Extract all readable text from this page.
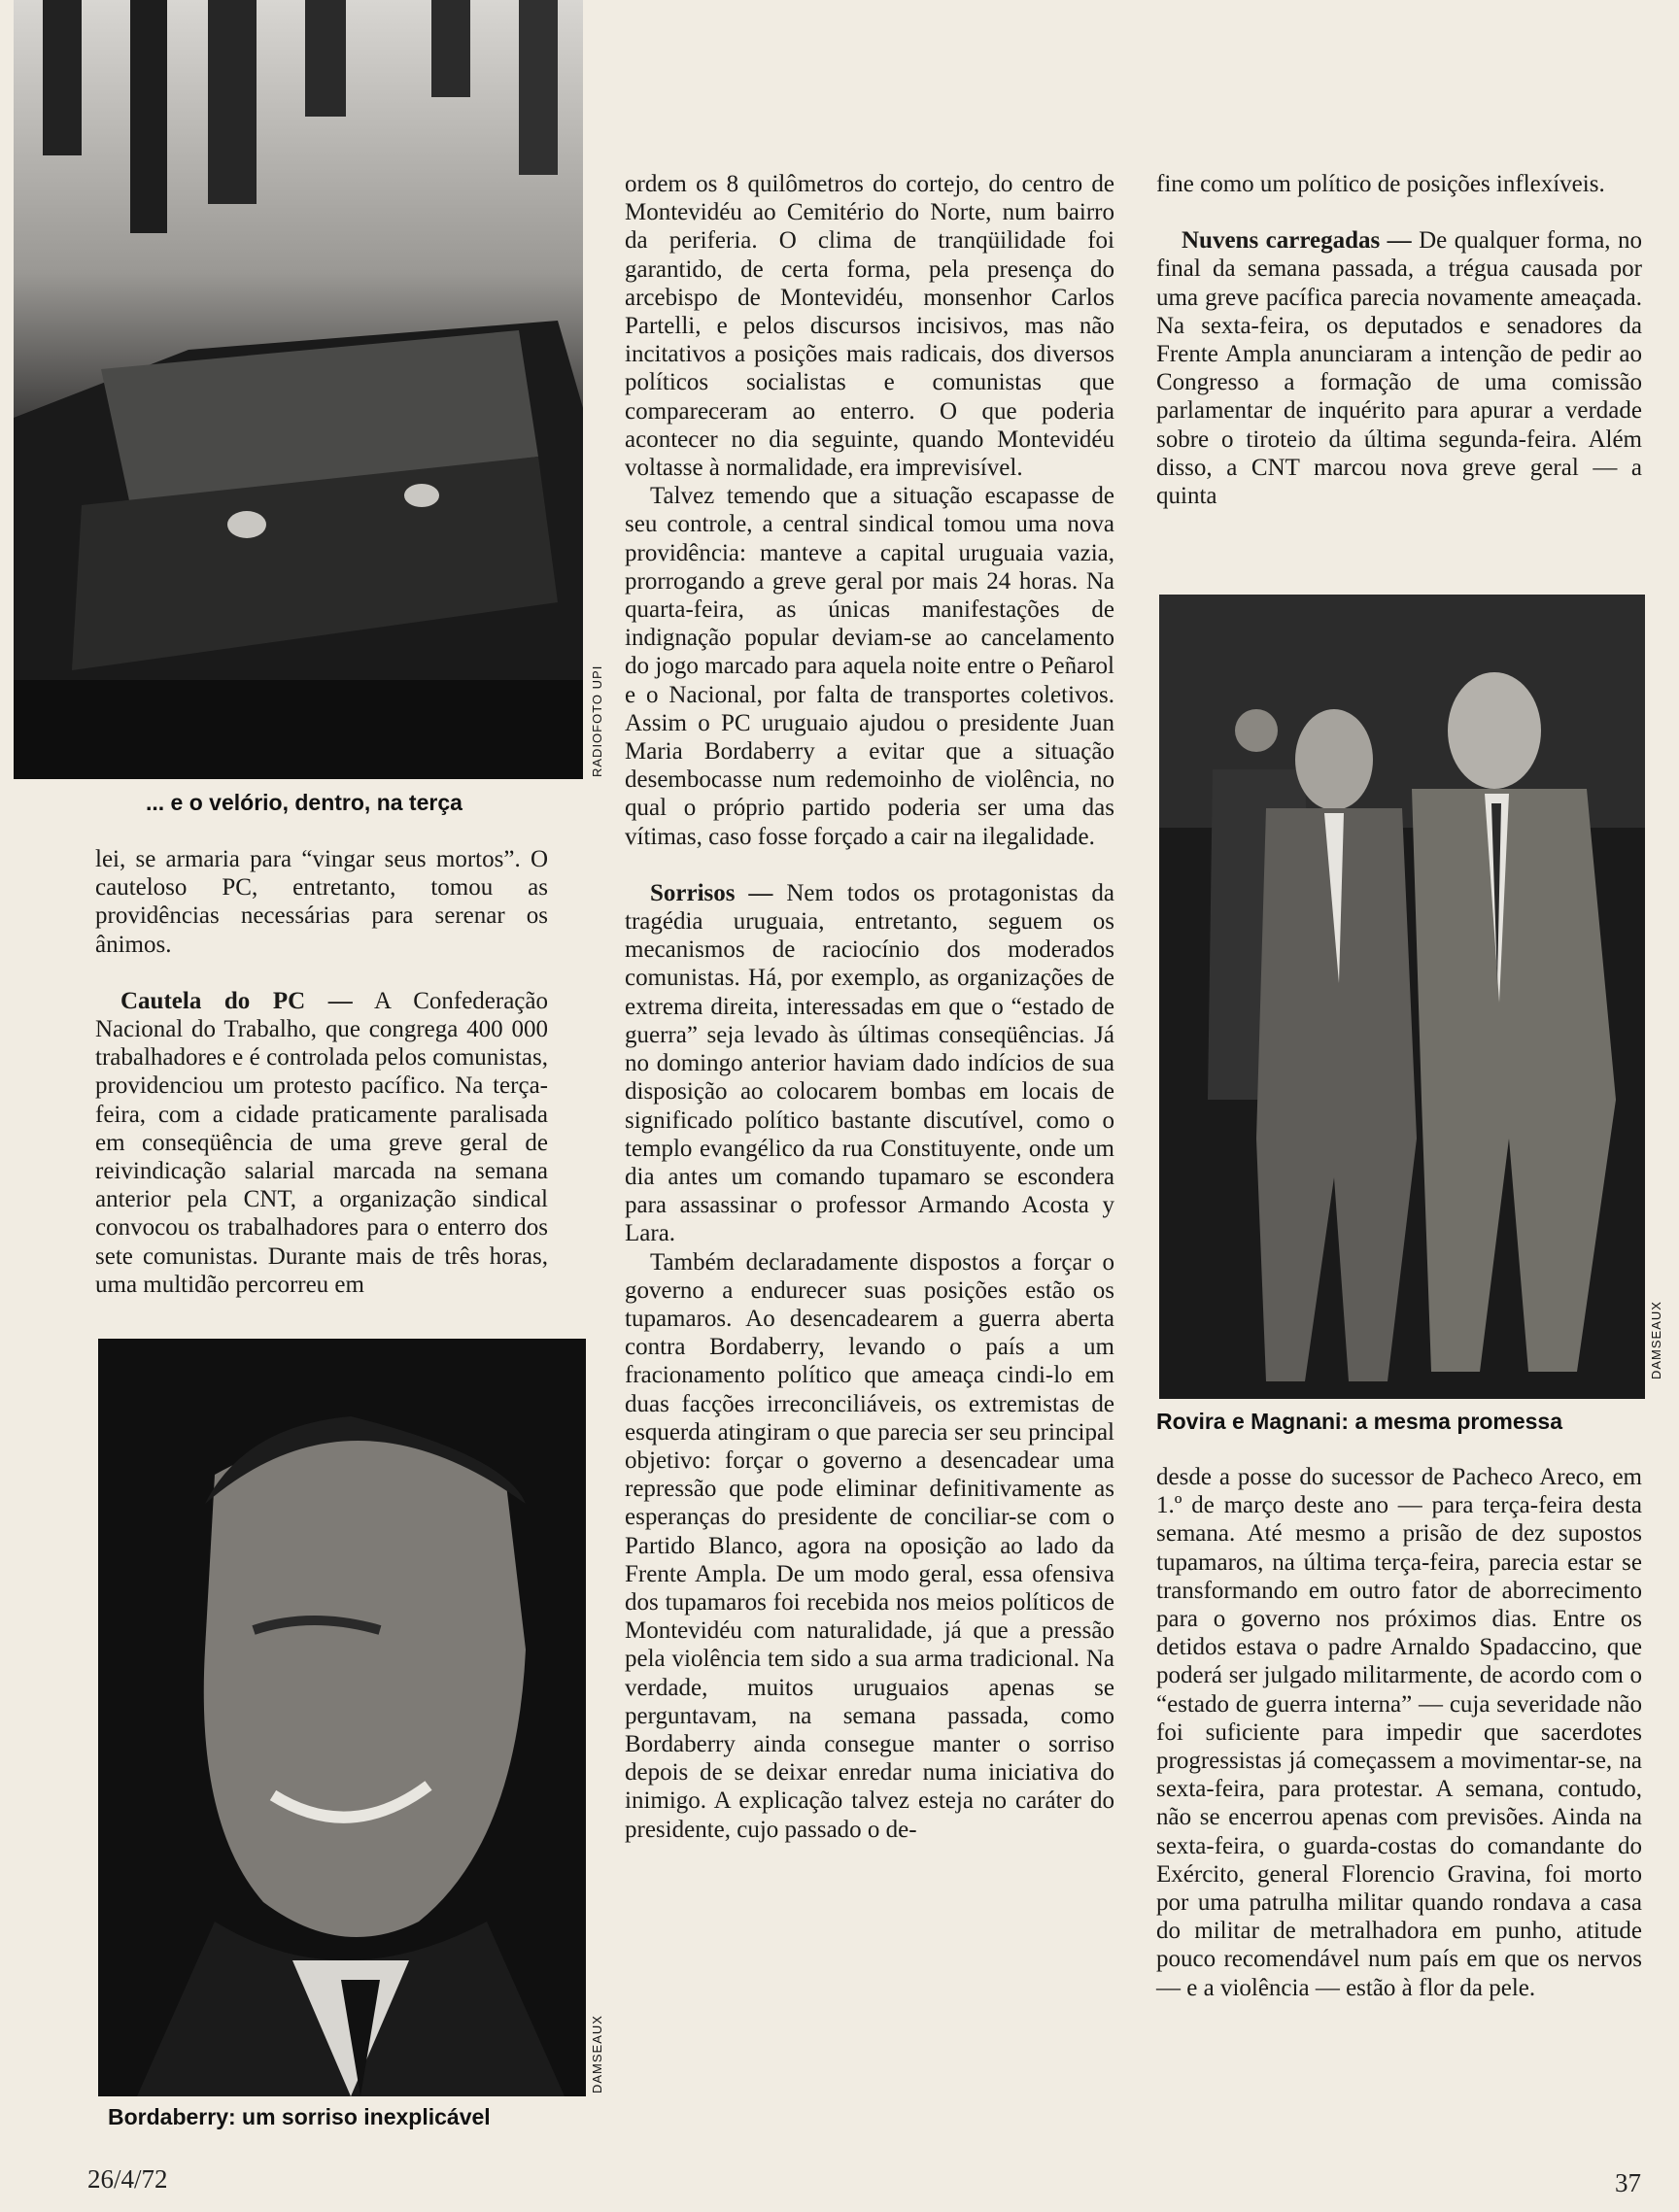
RADIOFOTO UPI
... e o velório, dentro, na terça

lei, se armaria para “vingar seus mortos”. O cauteloso PC, entretanto, tomou as providências necessárias para serenar os ânimos.

Cautela do PC — A Confederação Nacional do Trabalho, que congrega 400 000 trabalhadores e é controlada pelos comunistas, providenciou um protesto pacífico. Na terça-feira, com a cidade praticamente paralisada em conseqüência de uma greve geral de reivindicação salarial marcada na semana anterior pela CNT, a organização sindical convocou os trabalhadores para o enterro dos sete comunistas. Durante mais de três horas, uma multidão percorreu em

DAMSEAUX
Bordaberry: um sorriso inexplicável

ordem os 8 quilômetros do cortejo, do centro de Montevidéu ao Cemitério do Norte, num bairro da periferia. O clima de tranqüilidade foi garantido, de certa forma, pela presença do arcebispo de Montevidéu, monsenhor Carlos Partelli, e pelos discursos incisivos, mas não incitativos a posições mais radicais, dos diversos políticos socialistas e comunistas que compareceram ao enterro. O que poderia acontecer no dia seguinte, quando Montevidéu voltasse à normalidade, era imprevisível.

Talvez temendo que a situação escapasse de seu controle, a central sindical tomou uma nova providência: manteve a capital uruguaia vazia, prorrogando a greve geral por mais 24 horas. Na quarta-feira, as únicas manifestações de indignação popular deviam-se ao cancelamento do jogo marcado para aquela noite entre o Peñarol e o Nacional, por falta de transportes coletivos. Assim o PC uruguaio ajudou o presidente Juan Maria Bordaberry a evitar que a situação desembocasse num redemoinho de violência, no qual o próprio partido poderia ser uma das vítimas, caso fosse forçado a cair na ilegalidade.

Sorrisos — Nem todos os protagonistas da tragédia uruguaia, entretanto, seguem os mecanismos de raciocínio dos moderados comunistas. Há, por exemplo, as organizações de extrema direita, interessadas em que o “estado de guerra” seja levado às últimas conseqüências. Já no domingo anterior haviam dado indícios de sua disposição ao colocarem bombas em locais de significado político bastante discutível, como o templo evangélico da rua Constituyente, onde um dia antes um comando tupamaro se escondera para assassinar o professor Armando Acosta y Lara.

Também declaradamente dispostos a forçar o governo a endurecer suas posições estão os tupamaros. Ao desencadearem a guerra aberta contra Bordaberry, levando o país a um fracionamento político que ameaça cindi-lo em duas facções irreconciliáveis, os extremistas de esquerda atingiram o que parecia ser seu principal objetivo: forçar o governo a desencadear uma repressão que pode eliminar definitivamente as esperanças do presidente de conciliar-se com o Partido Blanco, agora na oposição ao lado da Frente Ampla. De um modo geral, essa ofensiva dos tupamaros foi recebida nos meios políticos de Montevidéu com naturalidade, já que a pressão pela violência tem sido a sua arma tradicional. Na verdade, muitos uruguaios apenas se perguntavam, na semana passada, como Bordaberry ainda consegue manter o sorriso depois de se deixar enredar numa iniciativa do inimigo. A explicação talvez esteja no caráter do presidente, cujo passado o de-

fine como um político de posições inflexíveis.

Nuvens carregadas — De qualquer forma, no final da semana passada, a trégua causada por uma greve pacífica parecia novamente ameaçada. Na sexta-feira, os deputados e senadores da Frente Ampla anunciaram a intenção de pedir ao Congresso a formação de uma comissão parlamentar de inquérito para apurar a verdade sobre o tiroteio da última segunda-feira. Além disso, a CNT marcou nova greve geral — a quinta

DAMSEAUX
Rovira e Magnani: a mesma promessa

desde a posse do sucessor de Pacheco Areco, em 1.º de março deste ano — para terça-feira desta semana. Até mesmo a prisão de dez supostos tupamaros, na última terça-feira, parecia estar se transformando em outro fator de aborrecimento para o governo nos próximos dias. Entre os detidos estava o padre Arnaldo Spadaccino, que poderá ser julgado militarmente, de acordo com o “estado de guerra interna” — cuja severidade não foi suficiente para impedir que sacerdotes progressistas já começassem a movimentar-se, na sexta-feira, para protestar. A semana, contudo, não se encerrou apenas com previsões. Ainda na sexta-feira, o guarda-costas do comandante do Exército, general Florencio Gravina, foi morto por uma patrulha militar quando rondava a casa do militar de metralhadora em punho, atitude pouco recomendável num país em que os nervos — e a violência — estão à flor da pele.

26/4/72	37
